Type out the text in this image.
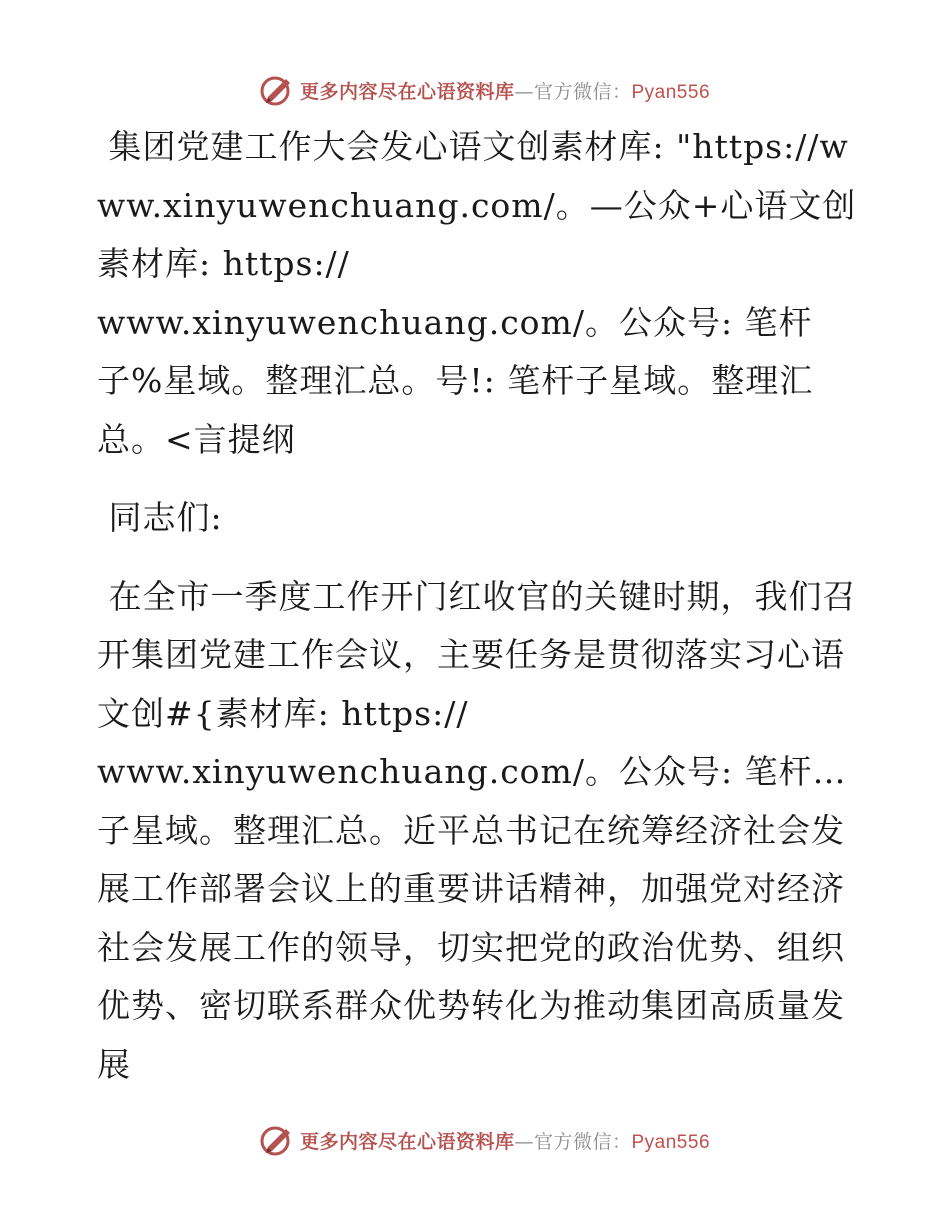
更多内容尽在心语资料库—官方微信：Pyan556

集团党建工作大会发心语文创素材库: "https://www.xinyuwenchuang.com/。—公众+心语文创素材库: https://
www.xinyuwenchuang.com/。公众号: 笔杆子%星域。整理汇总。号!: 笔杆子星域。整理汇总。<言提纲

同志们:

在全市一季度工作开门红收官的关键时期，我们召开集团党建工作会议，主要任务是贯彻落实习心语文创#{素材库: https://
www.xinyuwenchuang.com/。公众号: 笔杆…子星域。整理汇总。近平总书记在统筹经济社会发展工作部署会议上的重要讲话精神，加强党对经济社会发展工作的领导，切实把党的政治优势、组织优势、密切联系群众优势转化为推动集团高质量发展

更多内容尽在心语资料库—官方微信：Pyan556
